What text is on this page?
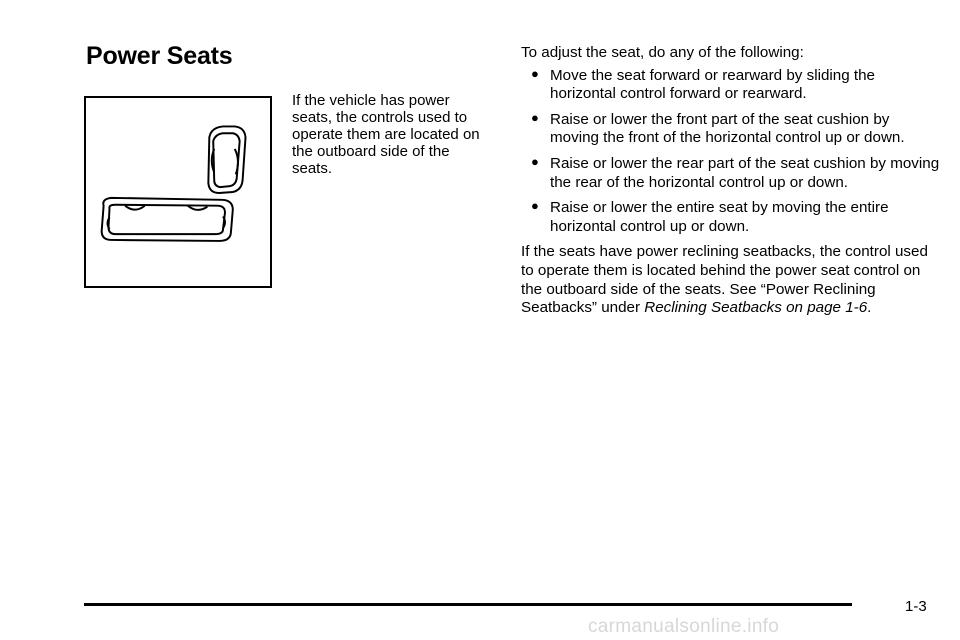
Power Seats

If the vehicle has power seats, the controls used to operate them are located on the outboard side of the seats.

To adjust the seat, do any of the following:

● Move the seat forward or rearward by sliding the horizontal control forward or rearward.
● Raise or lower the front part of the seat cushion by moving the front of the horizontal control up or down.
● Raise or lower the rear part of the seat cushion by moving the rear of the horizontal control up or down.
● Raise or lower the entire seat by moving the entire horizontal control up or down.

If the seats have power reclining seatbacks, the control used to operate them is located behind the power seat control on the outboard side of the seats. See “Power Reclining Seatbacks” under Reclining Seatbacks on page 1-6.

1-3
carmanualsonline.info
